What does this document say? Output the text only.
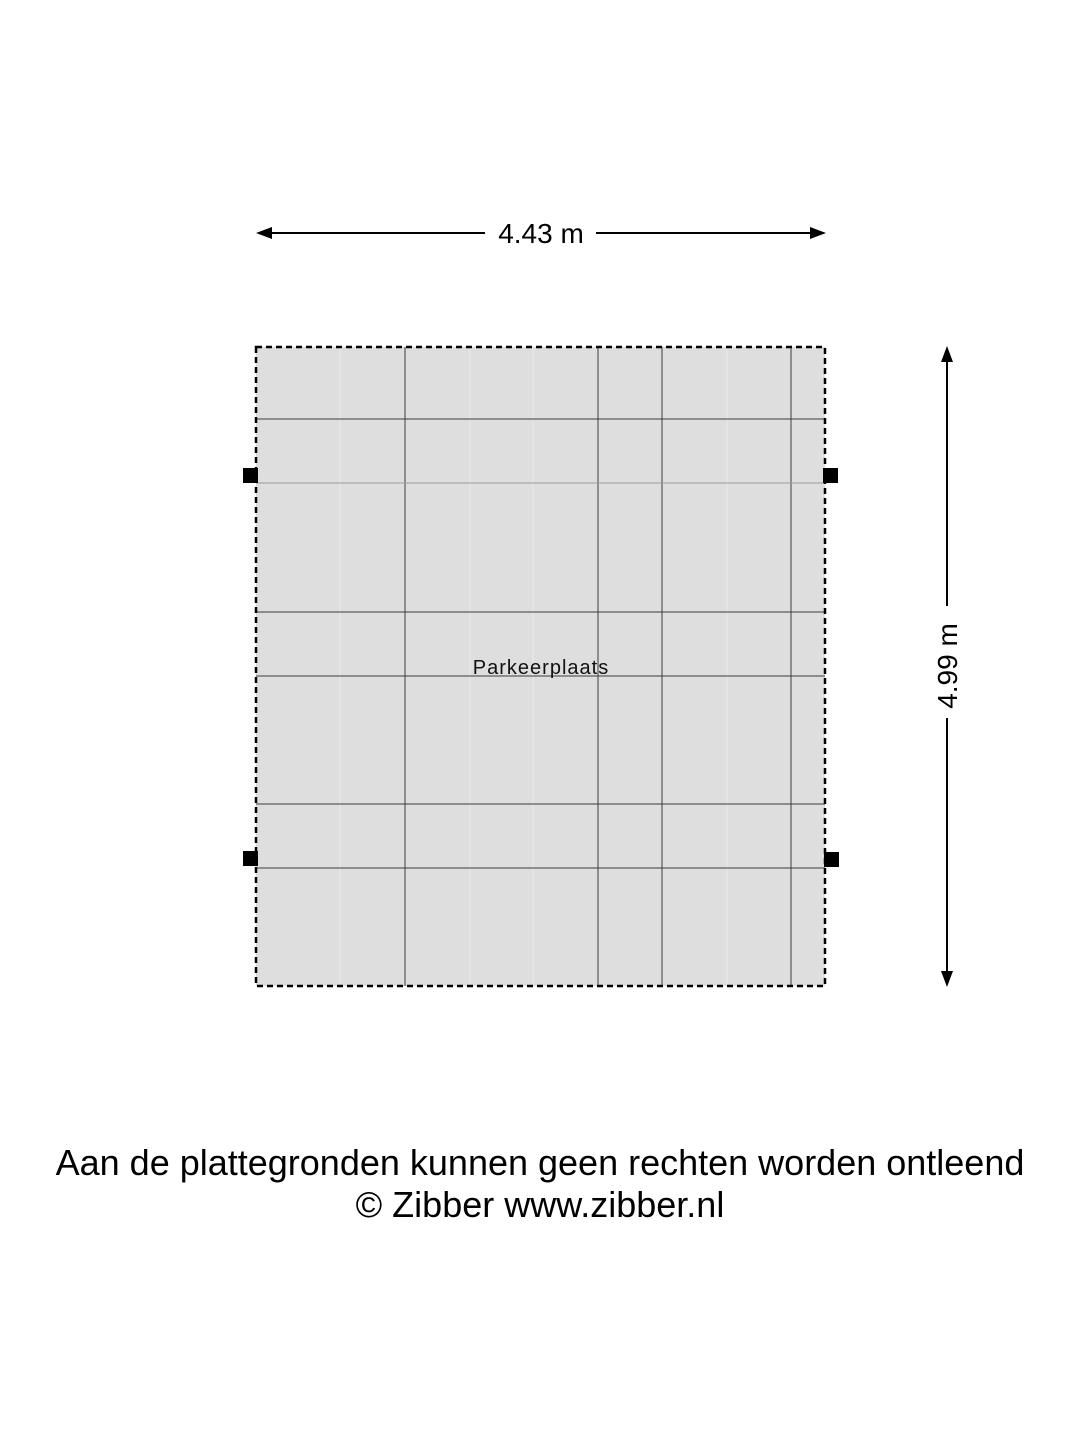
4.43 m
4.99 m
Parkeerplaats
Aan de plattegronden kunnen geen rechten worden ontleend
© Zibber www.zibber.nl
